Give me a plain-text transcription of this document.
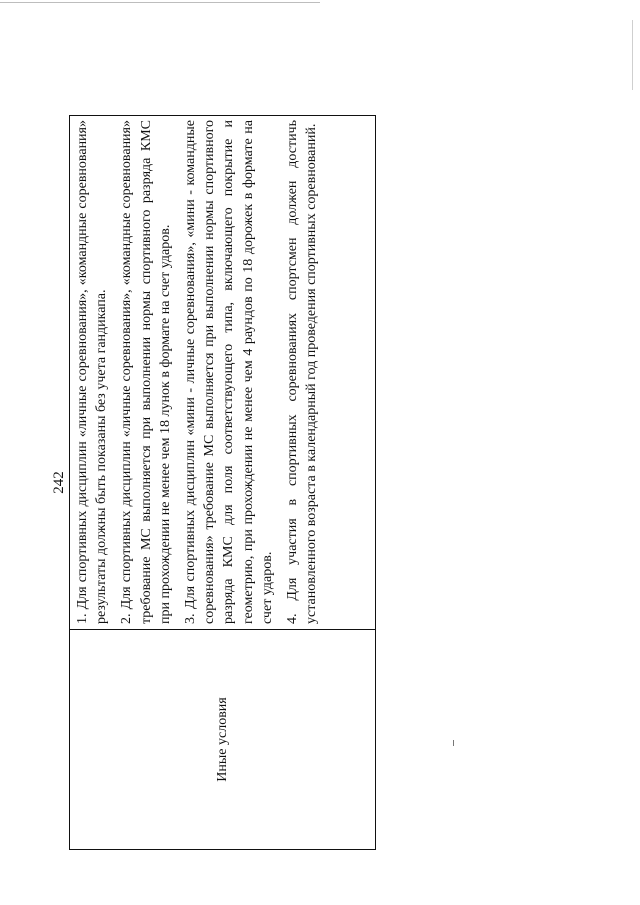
242
Иные условия

1. Для спортивных дисциплин «личные соревнования», «командные соревнования» результаты должны быть показаны без учета гандикапа. 2. Для спортивных дисциплин «личные соревнования», «командные соревнования» требование МС выполняется при выполнении нормы спортивного разряда КМС при прохождении не менее чем 18 лунок в формате на счет ударов. 3. Для спортивных дисциплин «мини - личные соревнования», «мини - командные соревнования» требование МС выполняется при выполнении нормы спортивного разряда КМС для поля соответствующего типа, включающего покрытие и геометрию, при прохождении не менее чем 4 раундов по 18 дорожек в формате на счет ударов. 4. Для участия в спортивных соревнованиях спортсмен должен достичь установленного возраста в календарный год проведения спортивных соревнований.
